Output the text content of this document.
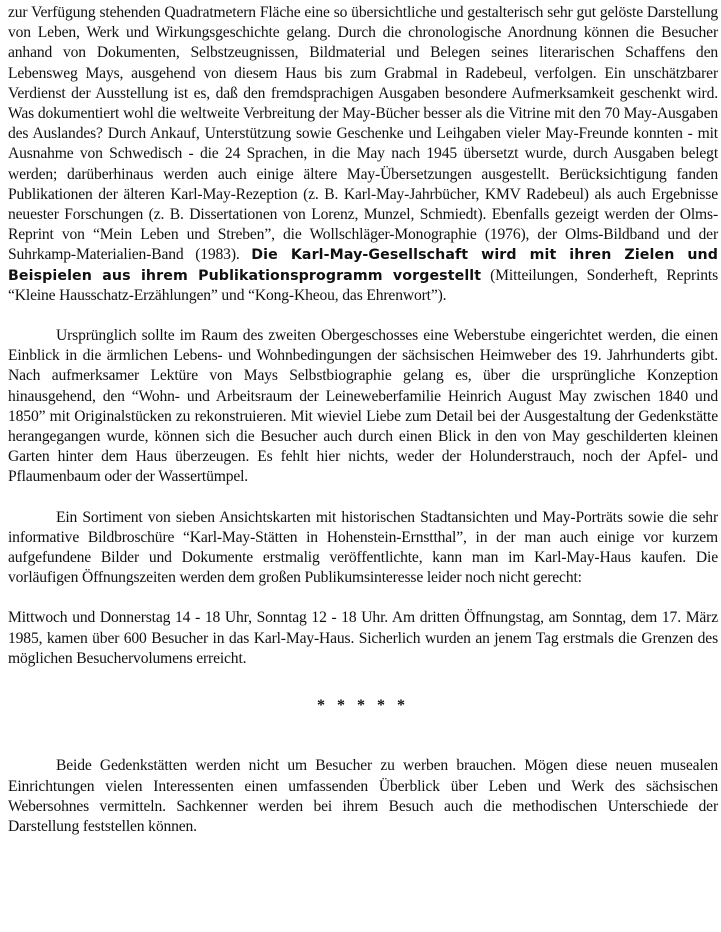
zur Verfügung stehenden Quadratmetern Fläche eine so übersichtliche und gestalterisch sehr gut gelöste Darstellung von Leben, Werk und Wirkungsgeschichte gelang. Durch die chronologische Anordnung können die Besucher anhand von Dokumenten, Selbstzeugnissen, Bildmaterial und Belegen seines literarischen Schaffens den Lebensweg Mays, ausgehend von diesem Haus bis zum Grabmal in Radebeul, verfolgen. Ein unschätzbarer Verdienst der Ausstellung ist es, daß den fremdsprachigen Ausgaben besondere Aufmerksamkeit geschenkt wird. Was dokumentiert wohl die weltweite Verbreitung der May-Bücher besser als die Vitrine mit den 70 May-Ausgaben des Auslandes? Durch Ankauf, Unterstützung sowie Geschenke und Leihgaben vieler May-Freunde konnten - mit Ausnahme von Schwedisch - die 24 Sprachen, in die May nach 1945 übersetzt wurde, durch Ausgaben belegt werden; darüberhinaus werden auch einige ältere May-Übersetzungen ausgestellt. Berücksichtigung fanden Publikationen der älteren Karl-May-Rezeption (z. B. Karl-May-Jahrbücher, KMV Radebeul) als auch Ergebnisse neuester Forschungen (z. B. Dissertationen von Lorenz, Munzel, Schmiedt). Ebenfalls gezeigt werden der Olms-Reprint von “Mein Leben und Streben”, die Wollschläger-Monographie (1976), der Olms-Bildband und der Suhrkamp-Materialien-Band (1983). Die Karl-May-Gesellschaft wird mit ihren Zielen und Beispielen aus ihrem Publikationsprogramm vorgestellt (Mitteilungen, Sonderheft, Reprints “Kleine Hausschatz-Erzählungen” und “Kong-Kheou, das Ehrenwort”).

Ursprünglich sollte im Raum des zweiten Obergeschosses eine Weberstube eingerichtet werden, die einen Einblick in die ärmlichen Lebens- und Wohnbedingungen der sächsischen Heimweber des 19. Jahrhunderts gibt. Nach aufmerksamer Lektüre von Mays Selbstbiographie gelang es, über die ursprüngliche Konzeption hinausgehend, den “Wohn- und Arbeitsraum der Leineweberfamilie Heinrich August May zwischen 1840 und 1850” mit Originalstücken zu rekonstruieren. Mit wieviel Liebe zum Detail bei der Ausgestaltung der Gedenkstätte herangegangen wurde, können sich die Besucher auch durch einen Blick in den von May geschilderten kleinen Garten hinter dem Haus überzeugen. Es fehlt hier nichts, weder der Holunderstrauch, noch der Apfel- und Pflaumenbaum oder der Wassertümpel.

Ein Sortiment von sieben Ansichtskarten mit historischen Stadtansichten und May-Porträts sowie die sehr informative Bildbroschüre “Karl-May-Stätten in Hohenstein-Ernstthal”, in der man auch einige vor kurzem aufgefundene Bilder und Dokumente erstmalig veröffentlichte, kann man im Karl-May-Haus kaufen. Die vorläufigen Öffnungszeiten werden dem großen Publikumsinteresse leider noch nicht gerecht:

Mittwoch und Donnerstag 14 - 18 Uhr, Sonntag 12 - 18 Uhr. Am dritten Öffnungstag, am Sonntag, dem 17. März 1985, kamen über 600 Besucher in das Karl-May-Haus. Sicherlich wurden an jenem Tag erstmals die Grenzen des möglichen Besuchervolumens erreicht.

* * * * *

Beide Gedenkstätten werden nicht um Besucher zu werben brauchen. Mögen diese neuen musealen Einrichtungen vielen Interessenten einen umfassenden Überblick über Leben und Werk des sächsischen Webersohnes vermitteln. Sachkenner werden bei ihrem Besuch auch die methodischen Unterschiede der Darstellung feststellen können.
